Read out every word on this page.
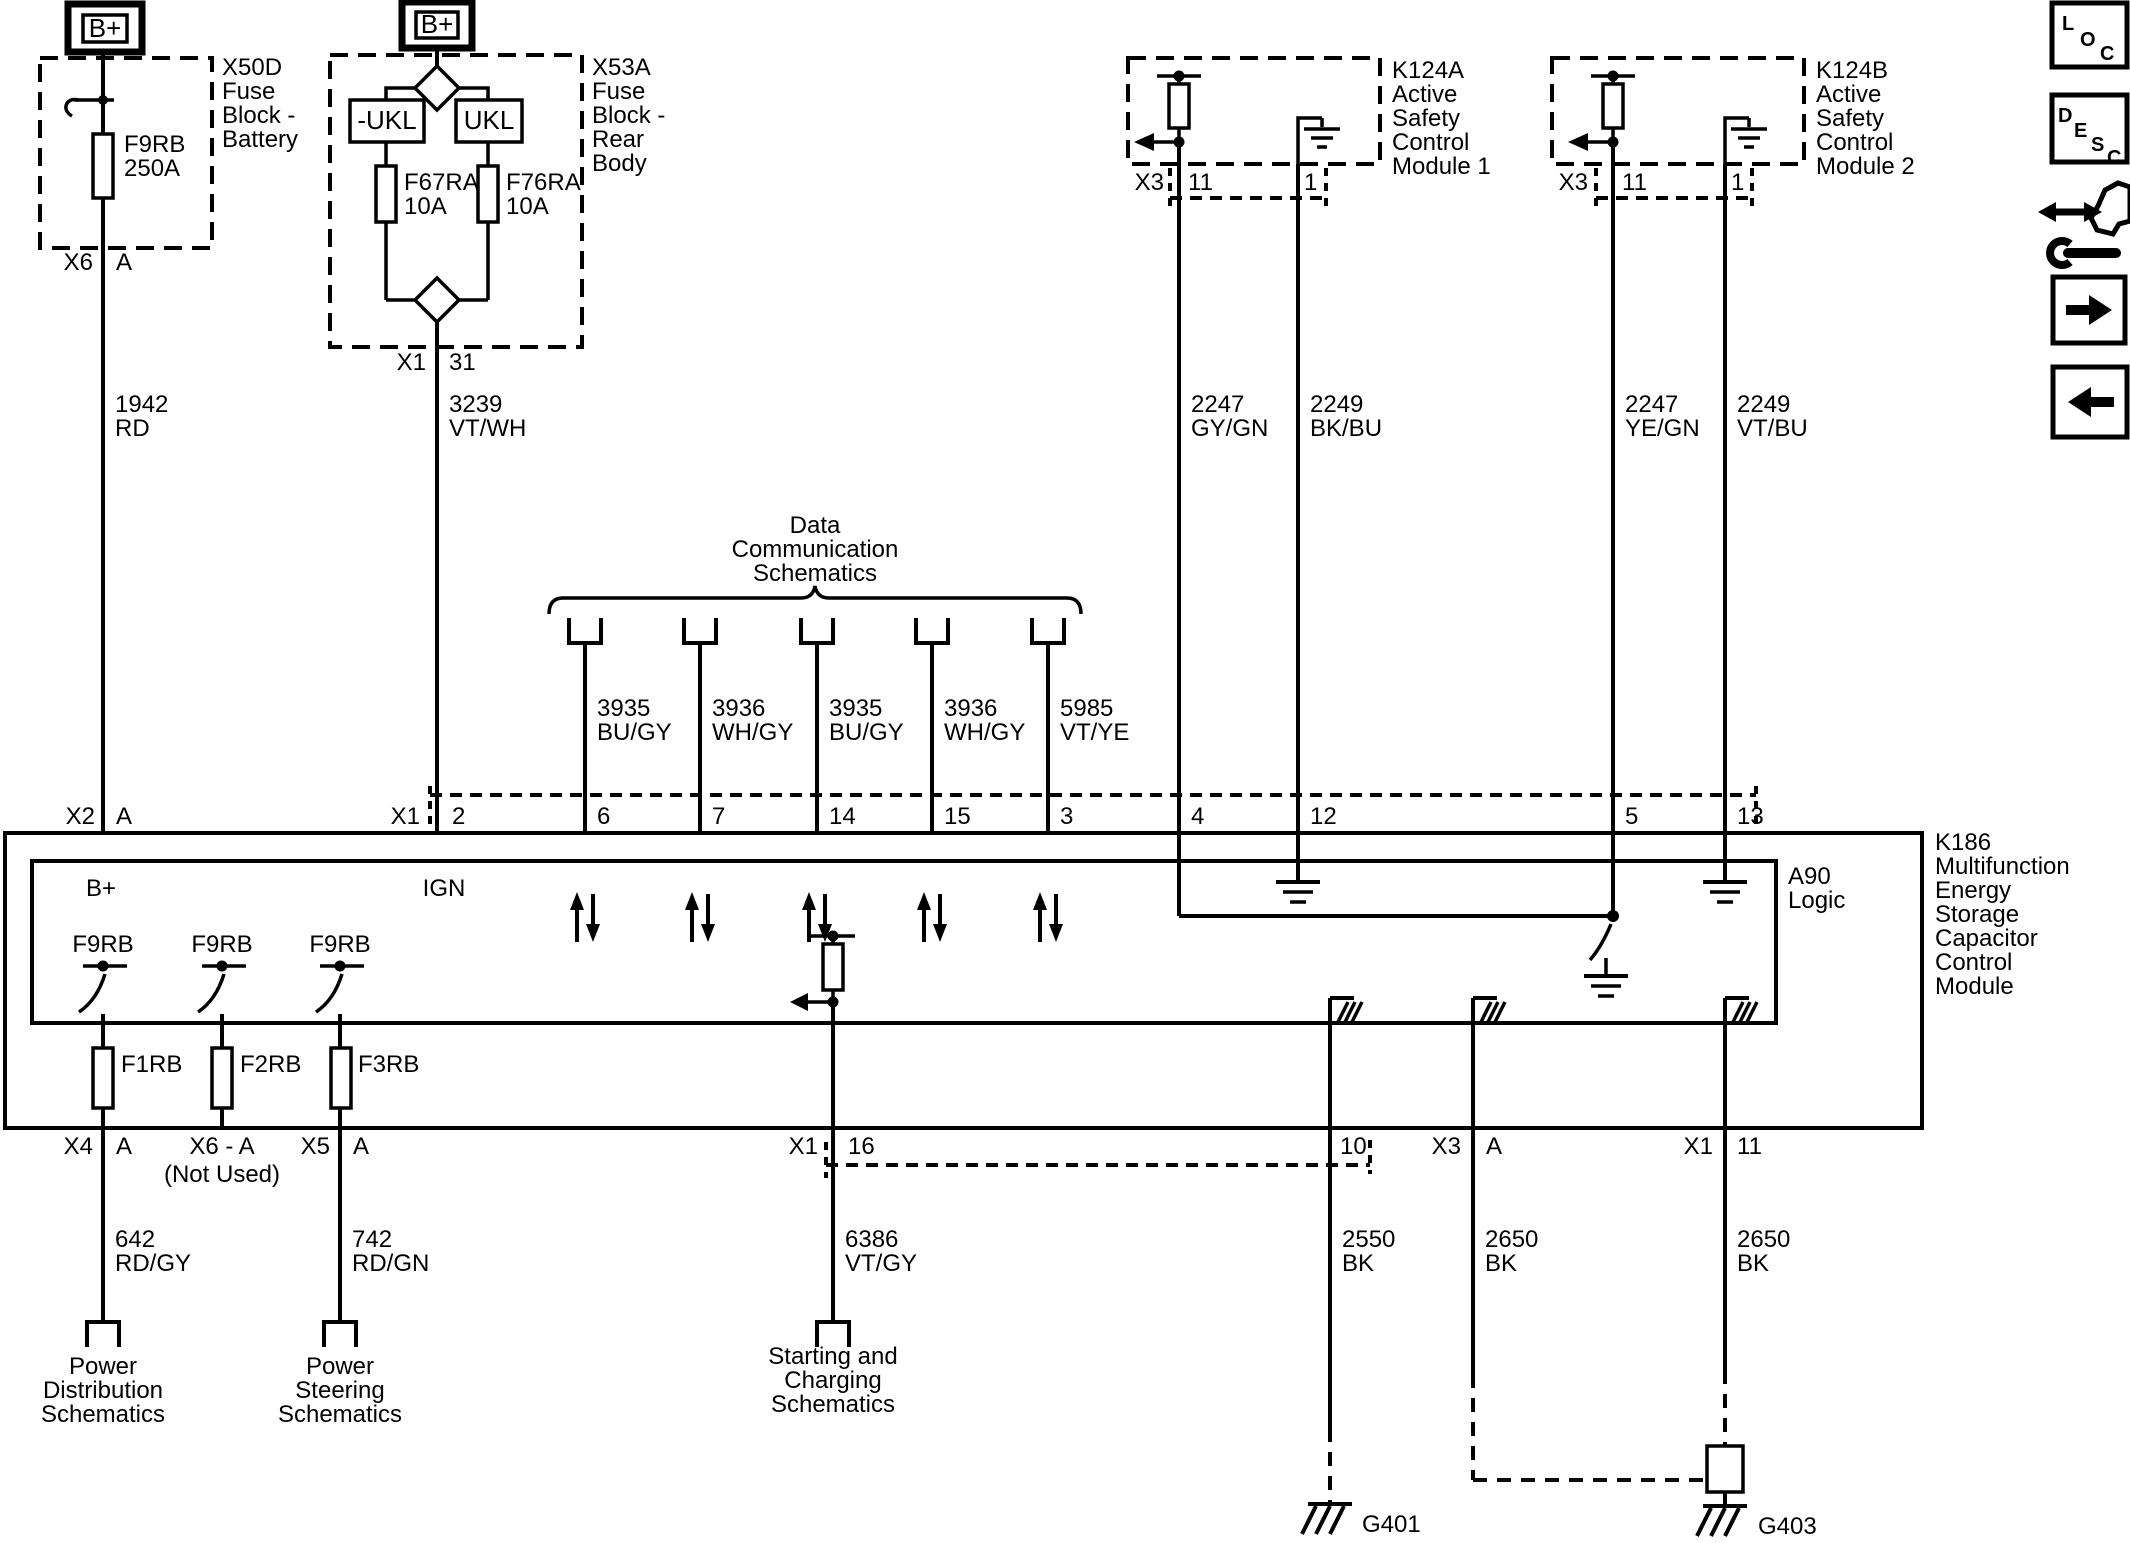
B+
F9RB
250A
X50D
Fuse
Block -
Battery
X6 A
1942
RD
B+
-UKL UKL
F67RA
10A
F76RA
10A
X53A
Fuse
Block -
Rear
Body
X1 31
3239
VT/WH
K124A
Active
Safety
Control
Module 1
X3 11	1
2247
GY/GN
2249
BK/BU
K124B
Active
Safety
Control
Module 2
X3 11	1
2247
YE/GN
2249
VT/BU
Data
Communication
Schematics
3935
BU/GY
3936
WH/GY
3935
BU/GY
3936
WH/GY
5985
VT/YE
X2 A	X1 2	6	7	14	15	3	4	12	5	13
A90
Logic
K186
Multifunction
Energy
Storage
Capacitor
Control
Module
B+	IGN
F9RB F9RB F9RB
F1RB F2RB F3RB
X4 A X6 - A
(Not Used)
X5 A	X1 16	10	X3 A	X1 11
642
RD/GY
Power
Distribution
Schematics
742
RD/GN
Power
Steering
Schematics
6386
VT/GY
Starting and
Charging
Schematics
2550
BK
G401
2650
BK
2650
BK
G403
L
O
C
D
E
S
C
